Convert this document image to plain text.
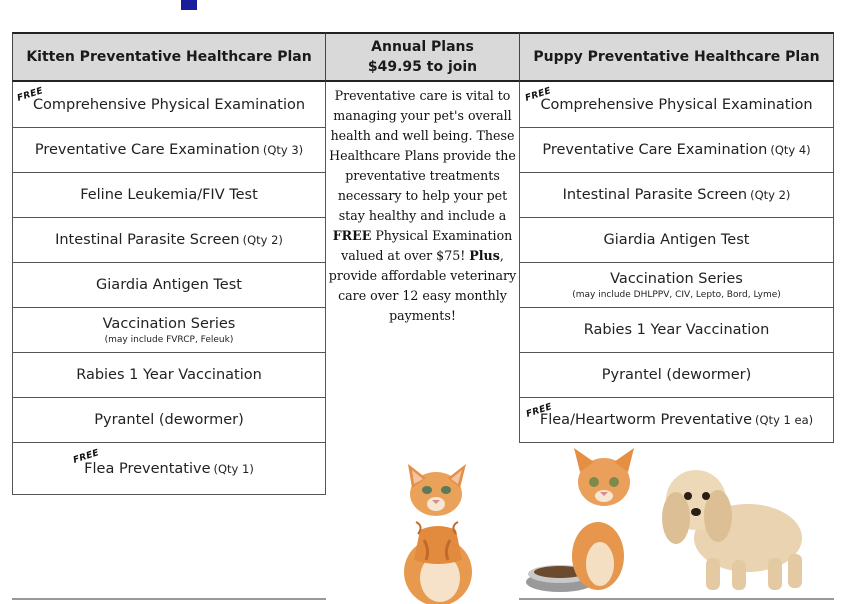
Kitten Preventative Healthcare Plan
Annual Plans
$49.95 to join
Puppy Preventative Healthcare Plan
FREE
Comprehensive Physical Examination
Preventative Care Examination (Qty 3)
Feline Leukemia/FIV Test
Intestinal Parasite Screen (Qty 2)
Giardia Antigen Test
Vaccination Series
(may include FVRCP, Feleuk)
Rabies 1 Year Vaccination
Pyrantel (dewormer)
FREE
Flea Preventative (Qty 1)
Preventative care is vital to managing your pet's overall health and well being. These Healthcare Plans provide the preventative treatments necessary to help your pet stay healthy and include a FREE Physical Examination valued at over $75! Plus, provide affordable veterinary care over 12 easy monthly payments!
FREE
Comprehensive Physical Examination
Preventative Care Examination (Qty 4)
Intestinal Parasite Screen (Qty 2)
Giardia Antigen Test
Vaccination Series
(may include DHLPPV, CIV, Lepto, Bord, Lyme)
Rabies 1 Year Vaccination
Pyrantel (dewormer)
FREE
Flea/Heartworm Preventative (Qty 1 ea)
